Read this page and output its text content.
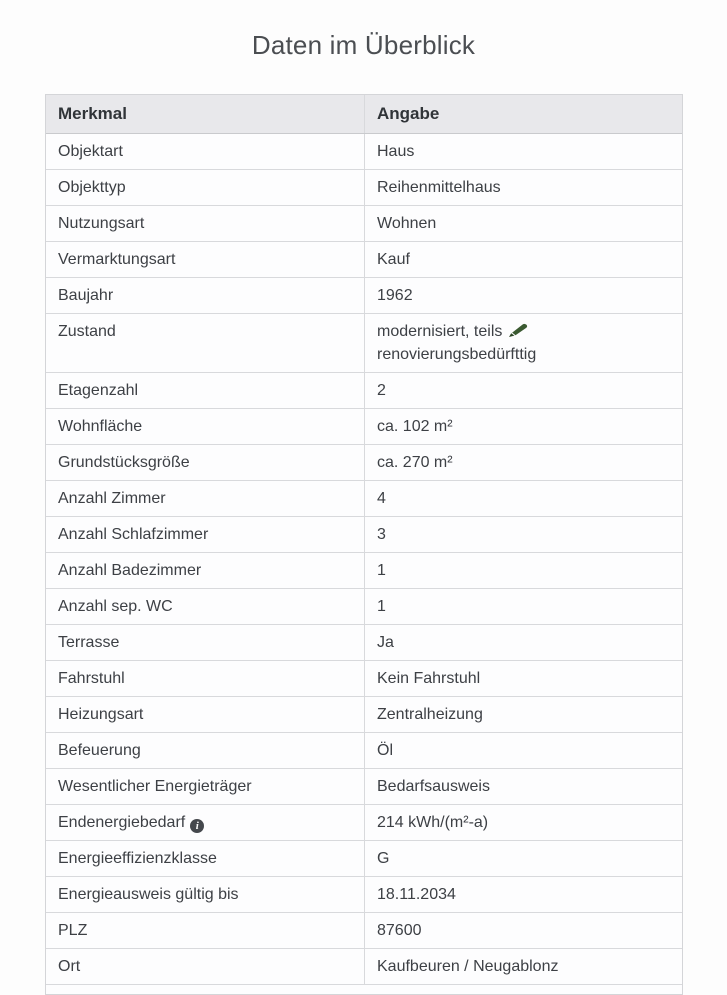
Daten im Überblick
Merkmal	Angabe
Objektart	Haus
Objekttyp	Reihenmittelhaus
Nutzungsart	Wohnen
Vermarktungsart	Kauf
Baujahr	1962
Zustand	modernisiert, teils
renovierungsbedürfttig
Etagenzahl	2
Wohnfläche	ca. 102 m²
Grundstücksgröße	ca. 270 m²
Anzahl Zimmer	4
Anzahl Schlafzimmer	3
Anzahl Badezimmer	1
Anzahl sep. WC	1
Terrasse	Ja
Fahrstuhl	Kein Fahrstuhl
Heizungsart	Zentralheizung
Befeuerung	Öl
Wesentlicher Energieträger	Bedarfsausweis
Endenergiebedarf i	214 kWh/(m²-a)
Energieeffizienzklasse	G
Energieausweis gültig bis	18.11.2034
PLZ	87600
Ort	Kaufbeuren / Neugablonz
